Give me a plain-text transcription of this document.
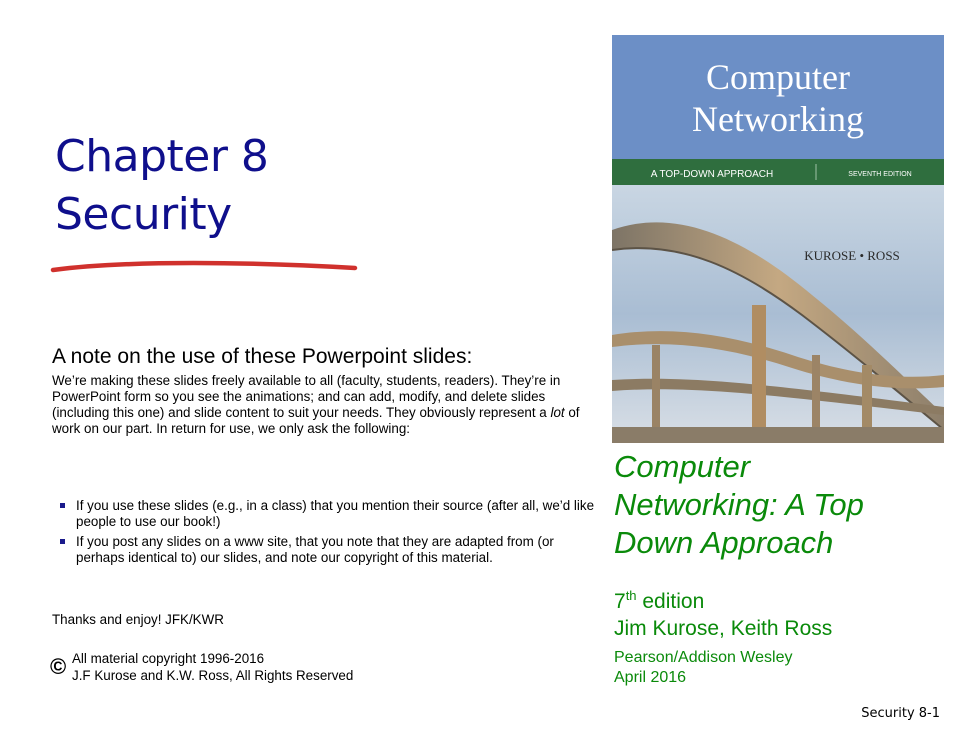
Chapter 8
Security
A note on the use of these Powerpoint slides:
We’re making these slides freely available to all (faculty, students, readers). They’re in PowerPoint form so you see the animations; and can add, modify, and delete slides (including this one) and slide content to suit your needs. They obviously represent a lot of work on our part. In return for use, we only ask the following:
If you use these slides (e.g., in a class) that you mention their source (after all, we’d like people to use our book!)
If you post any slides on a www site, that you note that they are adapted from (or perhaps identical to) our slides, and note our copyright of this material.
Thanks and enjoy! JFK/KWR
© All material copyright 1996-2016
J.F Kurose and K.W. Ross, All Rights Reserved
Computer
Networking
A TOP-DOWN APPROACH	SEVENTH EDITION
KUROSE • ROSS
Computer
Networking: A Top
Down Approach
7th edition
Jim Kurose, Keith Ross
Pearson/Addison Wesley
April 2016
Security 8-1
